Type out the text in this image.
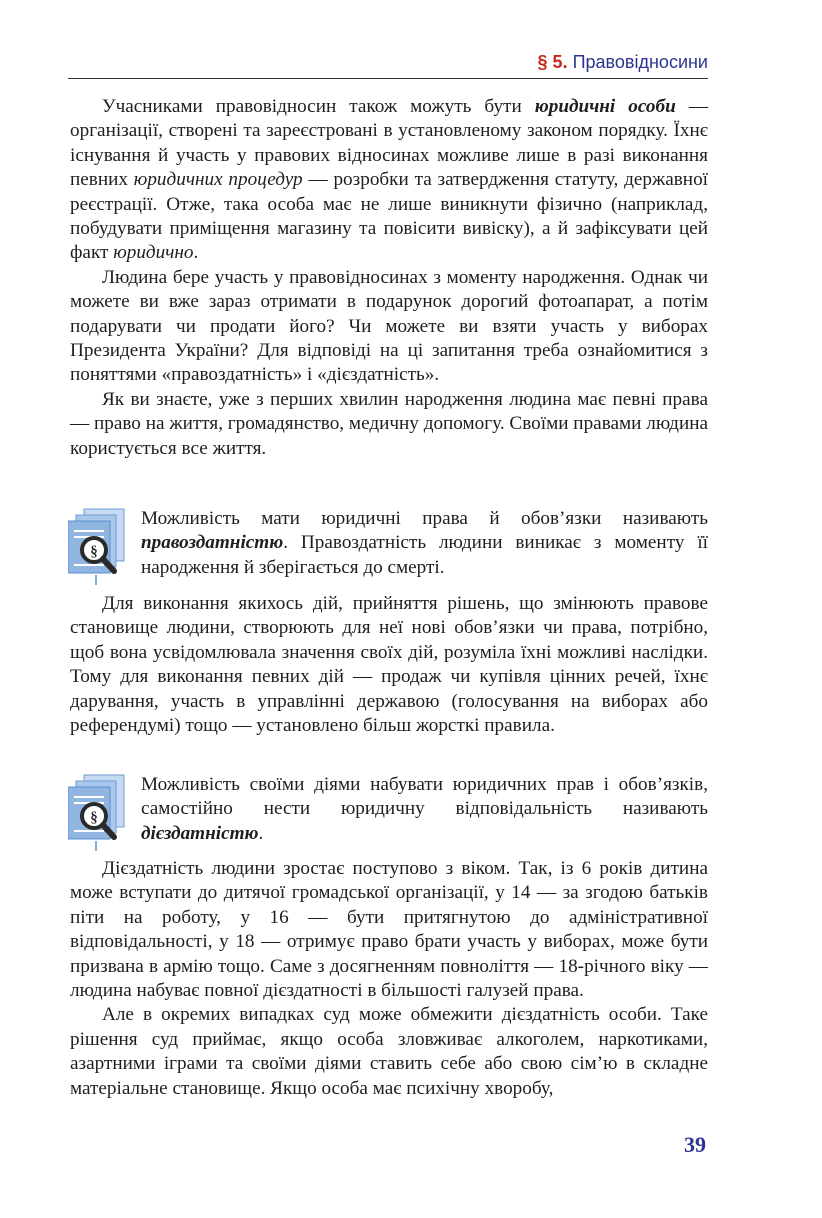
§ 5. Правовідносини

Учасниками правовідносин також можуть бути юридичні особи — організації, створені та зареєстровані в установленому законом порядку. Їхнє існування й участь у правових відносинах можливе лише в разі виконання певних юридичних процедур — розробки та затвердження статуту, державної реєстрації. Отже, така особа має не лише виникнути фізично (наприклад, побудувати приміщення магазину та повісити вивіску), а й зафіксувати цей факт юридично.

Людина бере участь у правовідносинах з моменту народження. Однак чи можете ви вже зараз отримати в подарунок дорогий фотоапарат, а потім подарувати чи продати його? Чи можете ви взяти участь у виборах Президента України? Для відповіді на ці запитання треба ознайомитися з поняттями «правоздатність» і «дієздатність».

Як ви знаєте, уже з перших хвилин народження людина має певні права — право на життя, громадянство, медичну допомогу. Своїми правами людина користується все життя.

§
Можливість мати юридичні права й обов’язки називають правоздатністю. Правоздатність людини виникає з моменту її народження й зберігається до смерті.

Для виконання якихось дій, прийняття рішень, що змінюють правове становище людини, створюють для неї нові обов’язки чи права, потрібно, щоб вона усвідомлювала значення своїх дій, розуміла їхні можливі наслідки. Тому для виконання певних дій — продаж чи купівля цінних речей, їхнє дарування, участь в управлінні державою (голосування на виборах або референдумі) тощо — установлено більш жорсткі правила.

§
Можливість своїми діями набувати юридичних прав і обов’язків, самостійно нести юридичну відповідальність називають дієздатністю.

Дієздатність людини зростає поступово з віком. Так, із 6 років дитина може вступати до дитячої громадської організації, у 14 — за згодою батьків піти на роботу, у 16 — бути притягнутою до адміністративної відповідальності, у 18 — отримує право брати участь у виборах, може бути призвана в армію тощо. Саме з досягненням повноліття — 18-річного віку — людина набуває повної дієздатності в більшості галузей права.

Але в окремих випадках суд може обмежити дієздатність особи. Таке рішення суд приймає, якщо особа зловживає алкоголем, наркотиками, азартними іграми та своїми діями ставить себе або свою сім’ю в складне матеріальне становище. Якщо особа має психічну хворобу,

39
